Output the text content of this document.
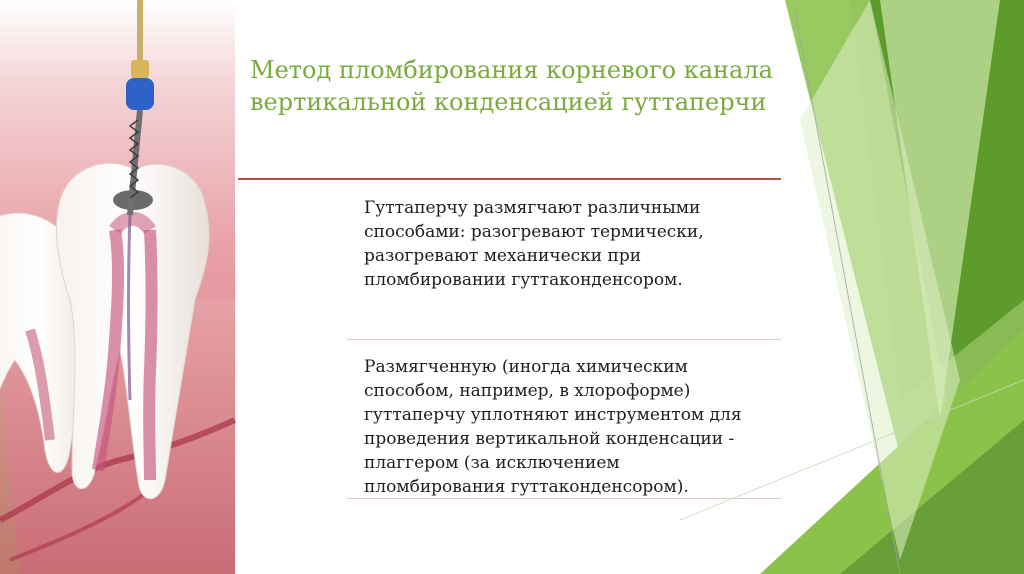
Метод пломбирования корневого канала
вертикальной конденсацией гуттаперчи
Гуттаперчу размягчают различными
способами: разогревают термически,
разогревают механически при
пломбировании гуттаконденсором.
Размягченную (иногда химическим
способом, например, в хлороформе)
гуттаперчу уплотняют инструментом для
проведения вертикальной конденсации -
плаггером (за исключением
пломбирования гуттаконденсором).
